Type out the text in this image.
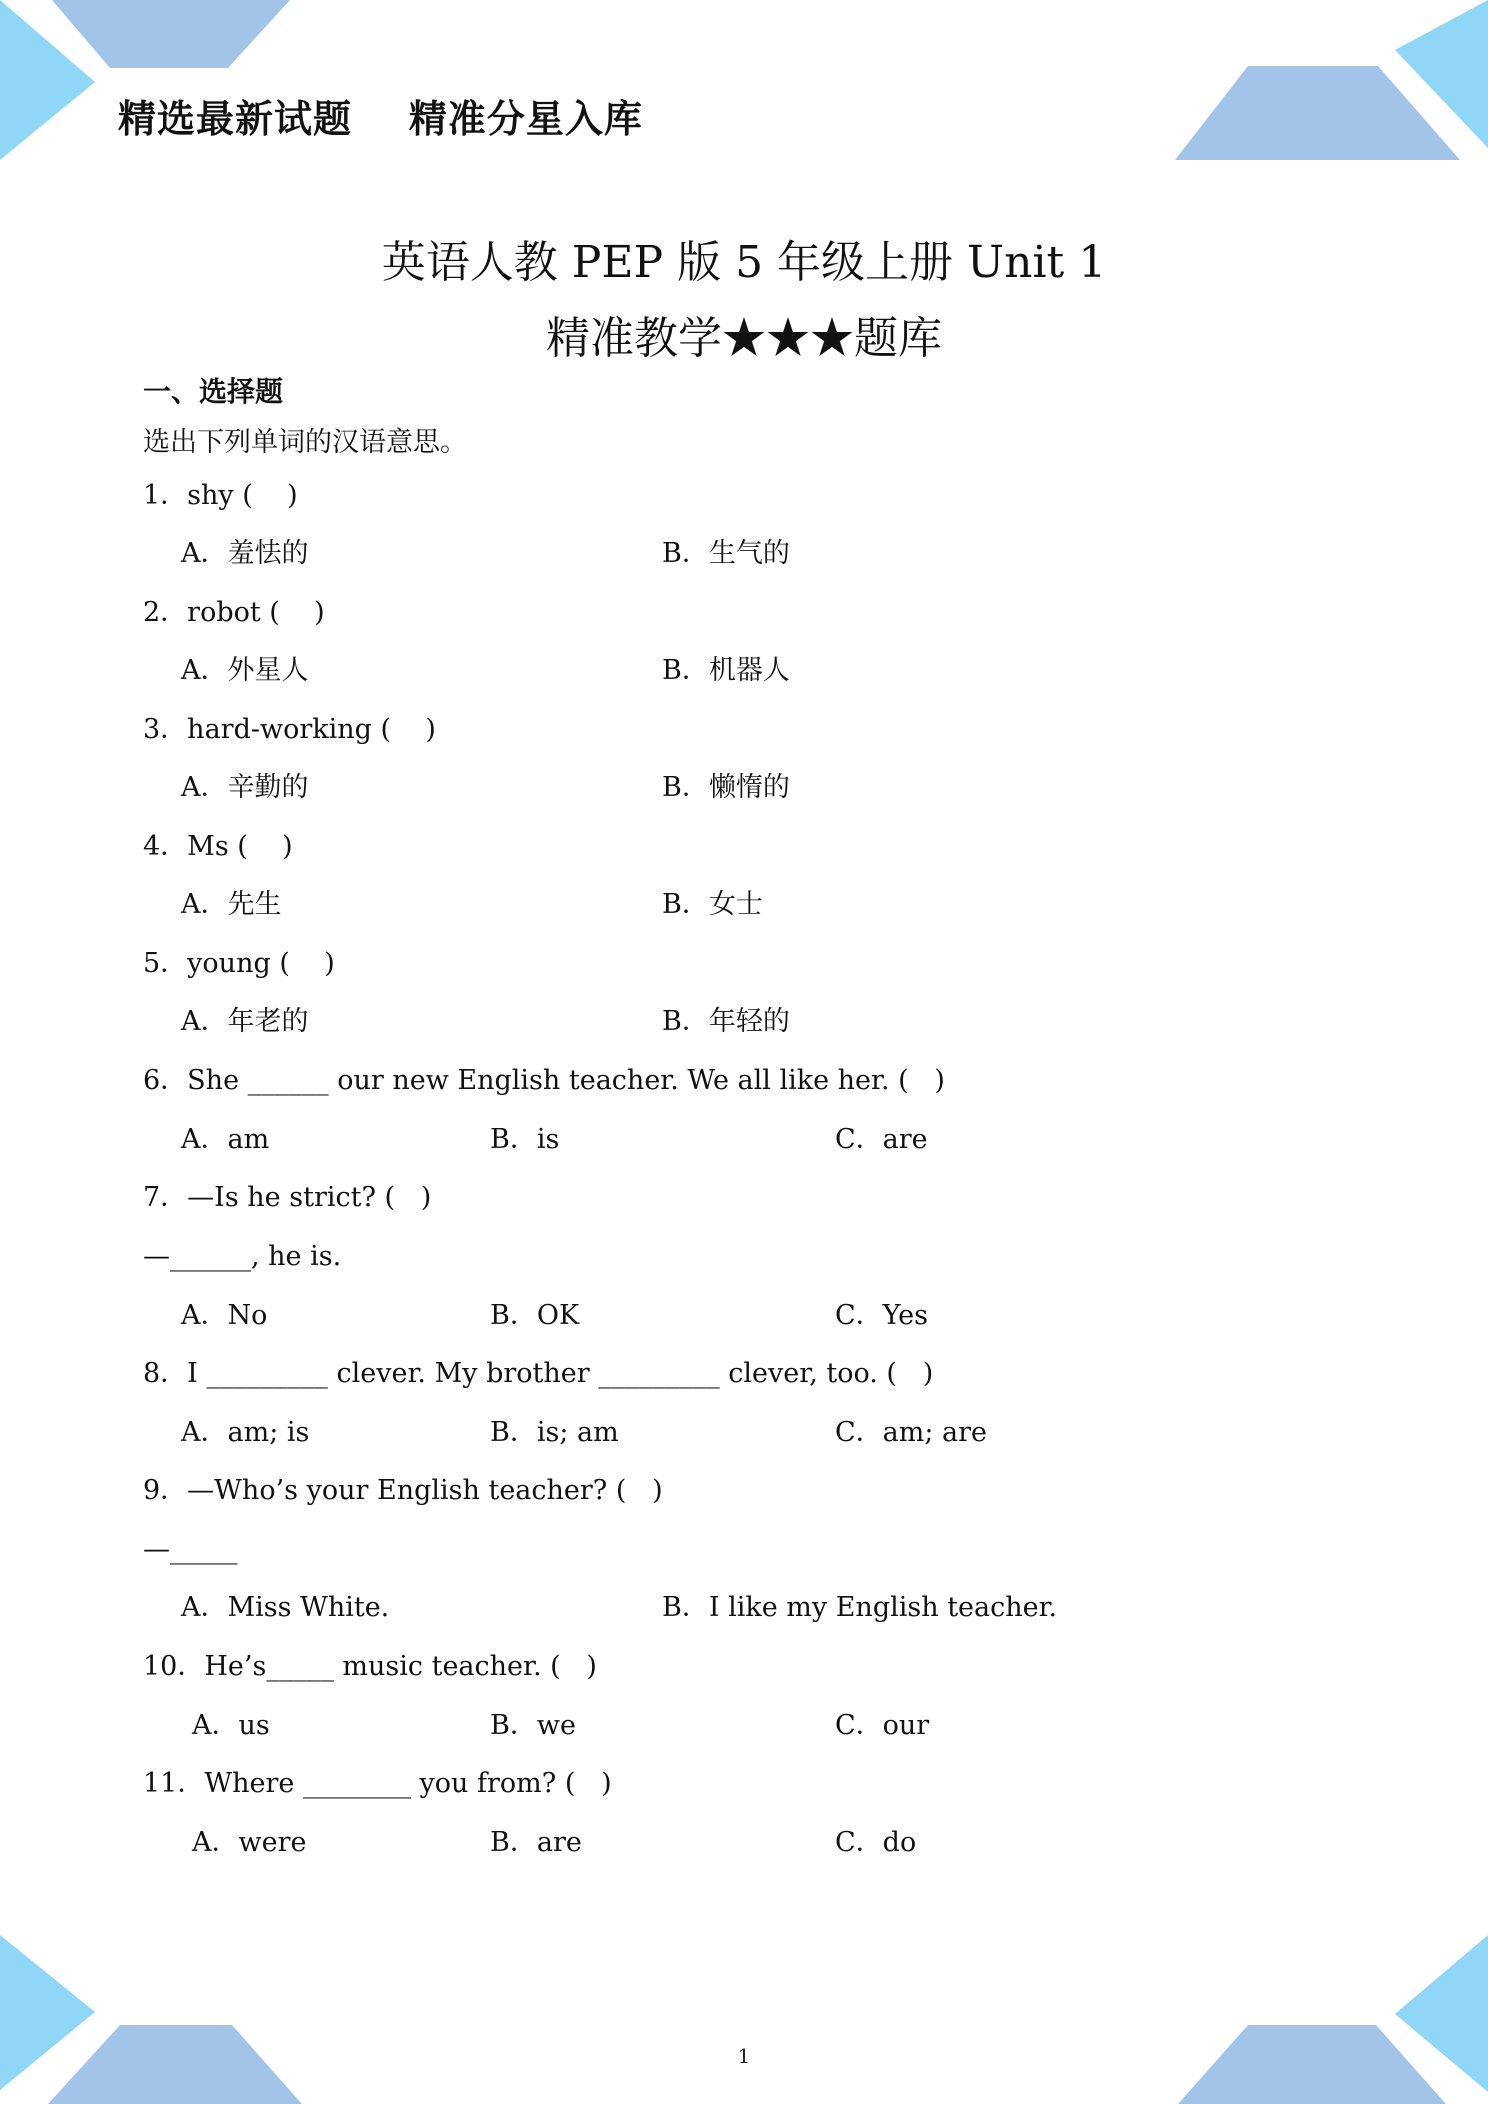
精选最新试题    精准分星入库
英语人教 PEP 版 5 年级上册 Unit 1
精准教学★★★题库
一、选择题
选出下列单词的汉语意思。
1．shy (    )
A．羞怯的	B．生气的
2．robot (    )
A．外星人	B．机器人
3．hard-working (    )
A．辛勤的	B．懒惰的
4．Ms (    )
A．先生	B．女士
5．young (    )
A．年老的	B．年轻的
6．She ______ our new English teacher. We all like her. (   )
A．am	B．is	C．are
7．—Is he strict? (   )
—______, he is.
A．No	B．OK	C．Yes
8．I _________ clever. My brother _________ clever, too. (   )
A．am; is	B．is; am	C．am; are
9．—Who’s your English teacher? (   )
—_____
A．Miss White.	B．I like my English teacher.
10．He’s_____ music teacher. (   )
A．us	B．we	C．our
11．Where ________ you from? (   )
A．were	B．are	C．do
1
